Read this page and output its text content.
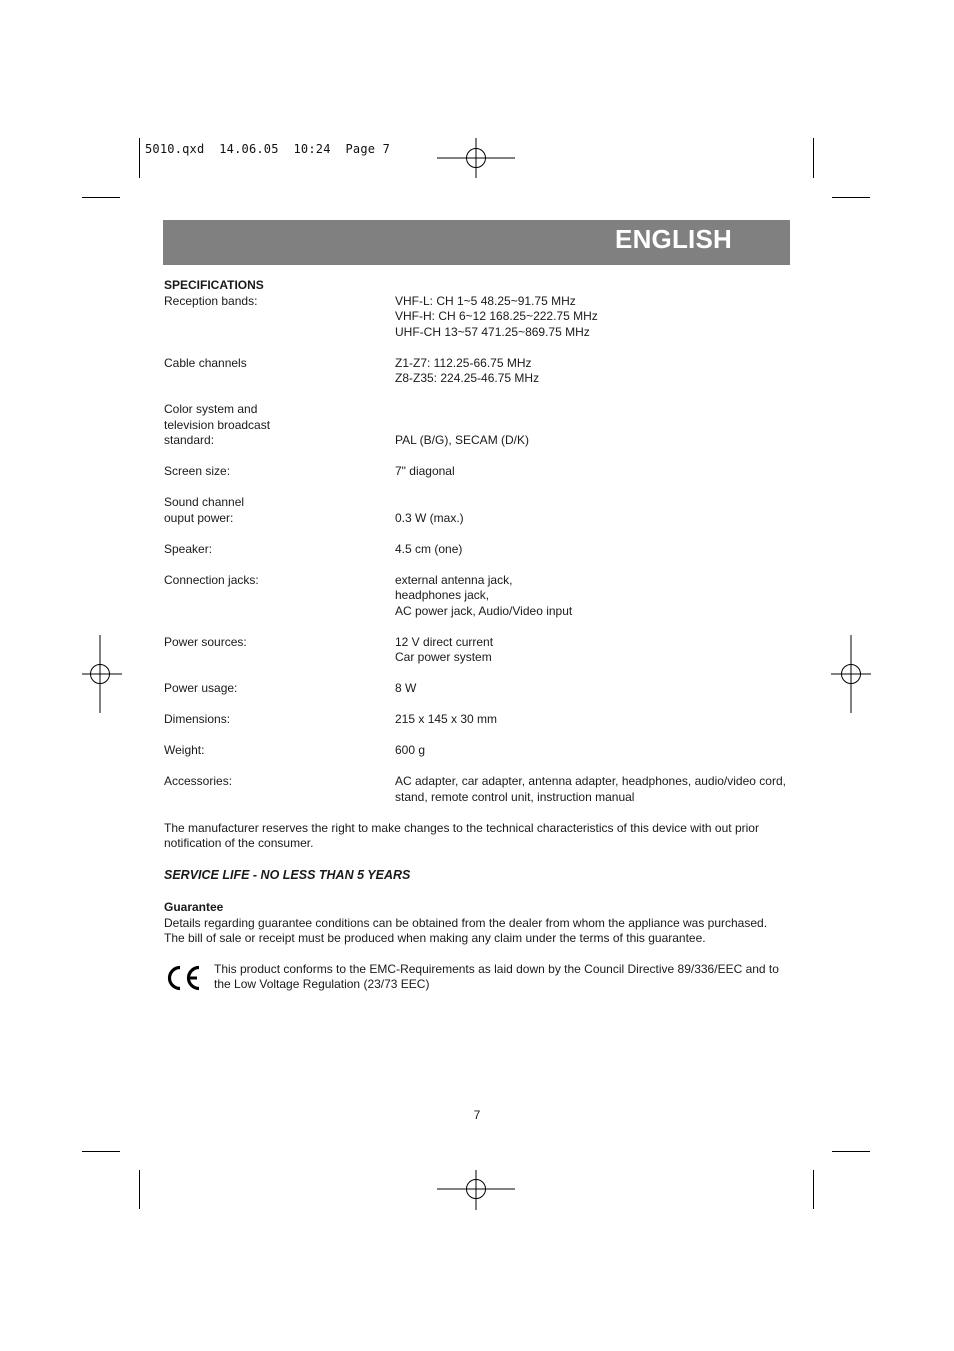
5010.qxd  14.06.05  10:24  Page 7
ENGLISH
SPECIFICATIONS
Reception bands:	VHF-L: CH 1~5 48.25~91.75 MHz
VHF-H: CH 6~12 168.25~222.75 MHz
UHF-CH 13~57 471.25~869.75 MHz
Cable channels	Z1-Z7: 112.25-66.75 MHz
Z8-Z35: 224.25-46.75 MHz
Color system and
television broadcast
standard:

	PAL (B/G), SECAM (D/K)
Screen size:	7" diagonal
Sound channel
ouput power:
	0.3 W (max.)
Speaker:	4.5 cm (one)
Connection jacks:	external antenna jack,
headphones jack,
AC power jack, Audio/Video input
Power sources:	12 V direct current
Car power system
Power usage:	8 W
Dimensions:	215 x 145 x 30 mm
Weight:	600 g
Accessories:	AC adapter, car adapter, antenna adapter, headphones, audio/video cord,
stand, remote control unit, instruction manual
The manufacturer reserves the right to make changes to the technical characteristics of this device with out prior notification of the consumer.
SERVICE LIFE - NO LESS THAN 5 YEARS
Guarantee
Details regarding guarantee conditions can be obtained from the dealer from whom the appliance was purchased. The bill of sale or receipt must be produced when making any claim under the terms of this guarantee.
This product conforms to the EMC-Requirements as laid down by the Council Directive 89/336/EEC and to the Low Voltage Regulation (23/73 EEC)
7
